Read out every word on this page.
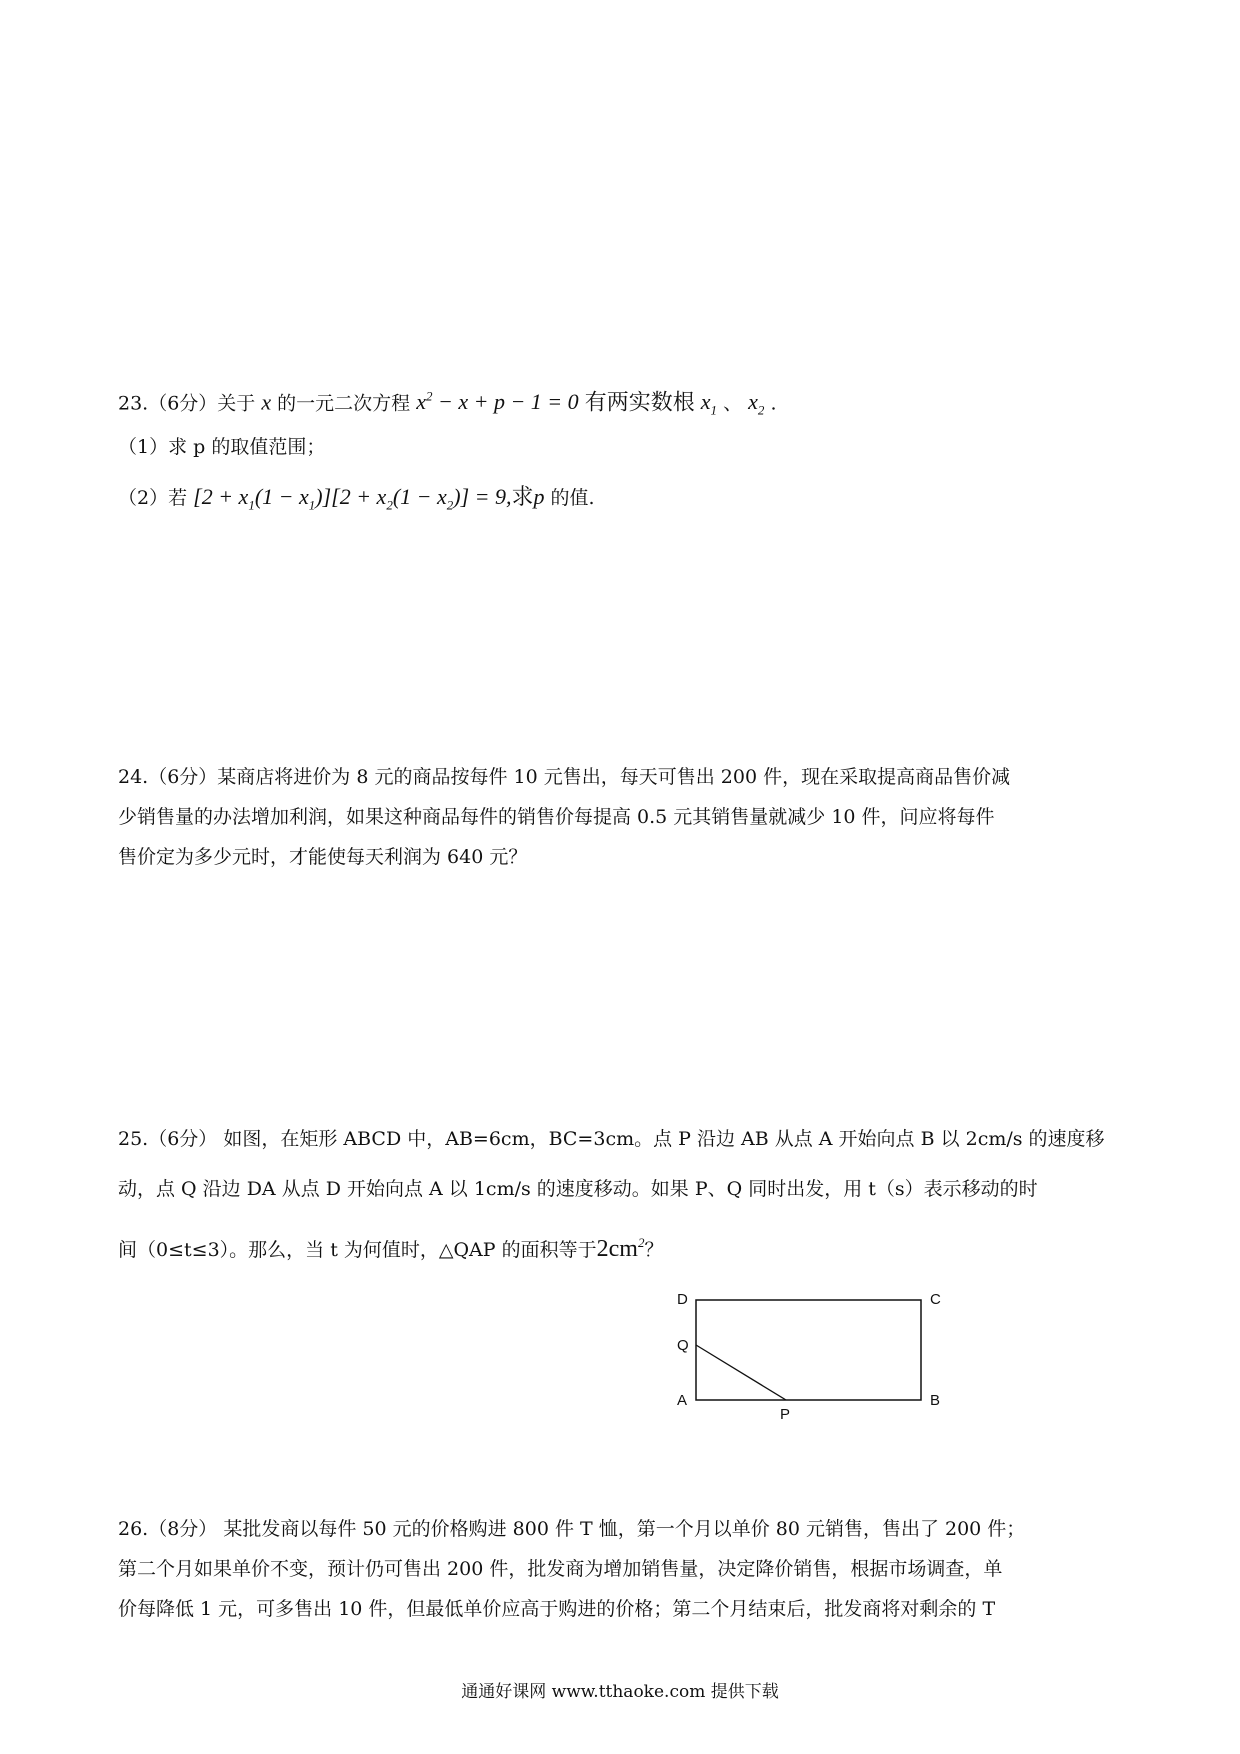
23.（6分）关于 x 的一元二次方程 $x^2 - x + p - 1 = 0$ 有两实数根 $x_1$ 、 $x_2$ .
（1）求 p 的取值范围；
（2）若 $[2 + x_1(1 - x_1)][2 + x_2(1 - x_2)] = 9$,求p 的值.
24.（6分）某商店将进价为 8 元的商品按每件 10 元售出，每天可售出 200 件，现在采取提高商品售价减
少销售量的办法增加利润，如果这种商品每件的销售价每提高 0.5 元其销售量就减少 10 件，问应将每件
售价定为多少元时，才能使每天利润为 640 元？
25.（6分） 如图，在矩形 ABCD 中，AB=6cm，BC=3cm。点 P 沿边 AB 从点 A 开始向点 B 以 2cm/s 的速度移
动，点 Q 沿边 DA 从点 D 开始向点 A 以 1cm/s 的速度移动。如果 P、Q 同时出发，用 t（s）表示移动的时
间（0≤t≤3）。那么，当 t 为何值时，△QAP 的面积等于$2cm^2$？
D	C
Q
A
P
B
26.（8分） 某批发商以每件 50 元的价格购进 800 件 T 恤，第一个月以单价 80 元销售，售出了 200 件；
第二个月如果单价不变，预计仍可售出 200 件，批发商为增加销售量，决定降价销售，根据市场调查，单
价每降低 1 元，可多售出 10 件，但最低单价应高于购进的价格；第二个月结束后，批发商将对剩余的 T
通通好课网 www.tthaoke.com 提供下载
